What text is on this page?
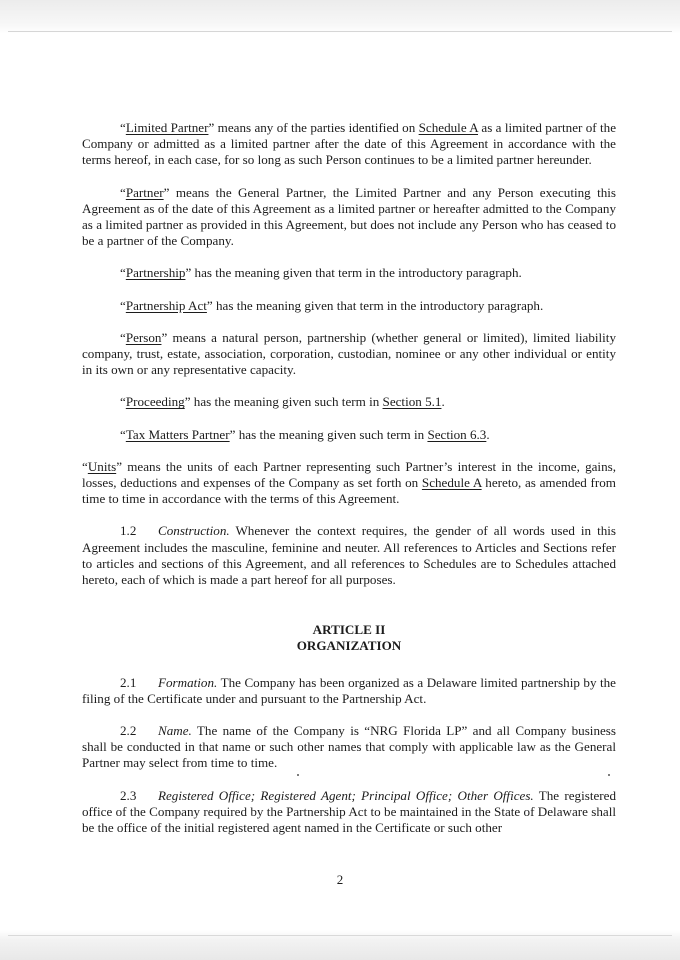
“Limited Partner” means any of the parties identified on Schedule A as a limited partner of the Company or admitted as a limited partner after the date of this Agreement in accordance with the terms hereof, in each case, for so long as such Person continues to be a limited partner hereunder.

“Partner” means the General Partner, the Limited Partner and any Person executing this Agreement as of the date of this Agreement as a limited partner or hereafter admitted to the Company as a limited partner as provided in this Agreement, but does not include any Person who has ceased to be a partner of the Company.

“Partnership” has the meaning given that term in the introductory paragraph.

“Partnership Act” has the meaning given that term in the introductory paragraph.

“Person” means a natural person, partnership (whether general or limited), limited liability company, trust, estate, association, corporation, custodian, nominee or any other individual or entity in its own or any representative capacity.

“Proceeding” has the meaning given such term in Section 5.1.

“Tax Matters Partner” has the meaning given such term in Section 6.3.

“Units” means the units of each Partner representing such Partner’s interest in the income, gains, losses, deductions and expenses of the Company as set forth on Schedule A hereto, as amended from time to time in accordance with the terms of this Agreement.

1.2 Construction. Whenever the context requires, the gender of all words used in this Agreement includes the masculine, feminine and neuter. All references to Articles and Sections refer to articles and sections of this Agreement, and all references to Schedules are to Schedules attached hereto, each of which is made a part hereof for all purposes.

ARTICLE II

ORGANIZATION

2.1 Formation. The Company has been organized as a Delaware limited partnership by the filing of the Certificate under and pursuant to the Partnership Act.

2.2 Name. The name of the Company is “NRG Florida LP” and all Company business shall be conducted in that name or such other names that comply with applicable law as the General Partner may select from time to time.

2.3 Registered Office; Registered Agent; Principal Office; Other Offices. The registered office of the Company required by the Partnership Act to be maintained in the State of Delaware shall be the office of the initial registered agent named in the Certificate or such other

2
